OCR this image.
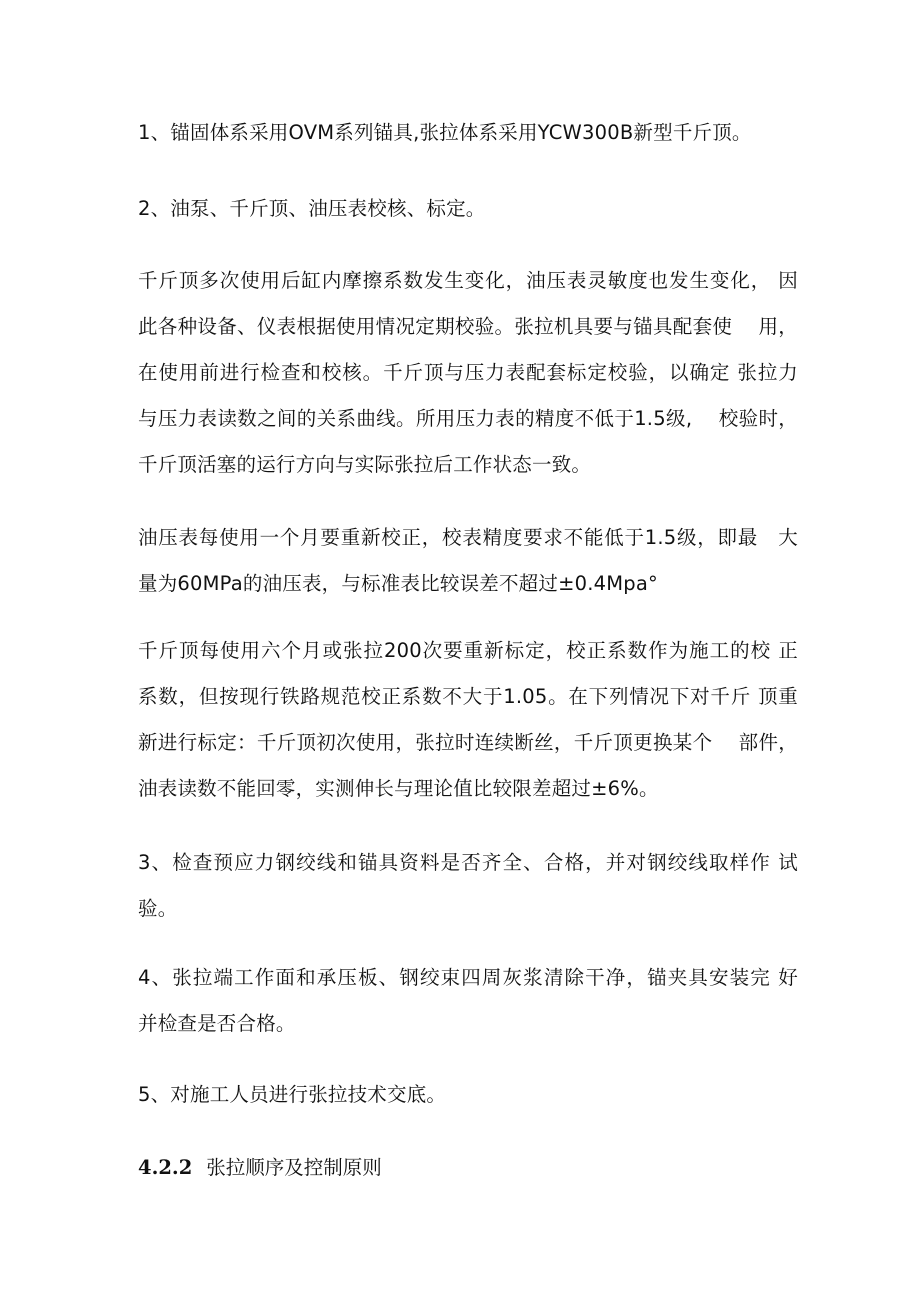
1、锚固体系采用OVM系列锚具,张拉体系采用YCW300B新型千斤顶。

2、油泵、千斤顶、油压表校核、标定。

千斤顶多次使用后缸内摩擦系数发生变化，油压表灵敏度也发生变化， 因
此各种设备、仪表根据使用情况定期校验。张拉机具要与锚具配套使　 用，
在使用前进行检查和校核。千斤顶与压力表配套标定校验，以确定 张拉力
与压力表读数之间的关系曲线。所用压力表的精度不低于1.5级,　 校验时，
千斤顶活塞的运行方向与实际张拉后工作状态一致。

油压表每使用一个月要重新校正，校表精度要求不能低于1.5级，即最　大
量为60MPa的油压表，与标准表比较误差不超过±0.4Mpa°

千斤顶每使用六个月或张拉200次要重新标定，校正系数作为施工的校 正
系数，但按现行铁路规范校正系数不大于1.05。在下列情况下对千斤 顶重
新进行标定：千斤顶初次使用，张拉时连续断丝，千斤顶更换某个　 部件，
油表读数不能回零，实测伸长与理论值比较限差超过±6%。

3、检查预应力钢绞线和锚具资料是否齐全、合格，并对钢绞线取样作 试
验。

4、张拉端工作面和承压板、钢绞束四周灰浆清除干净，锚夹具安装完 好
并检查是否合格。

5、对施工人员进行张拉技术交底。

4.2.2 张拉顺序及控制原则
